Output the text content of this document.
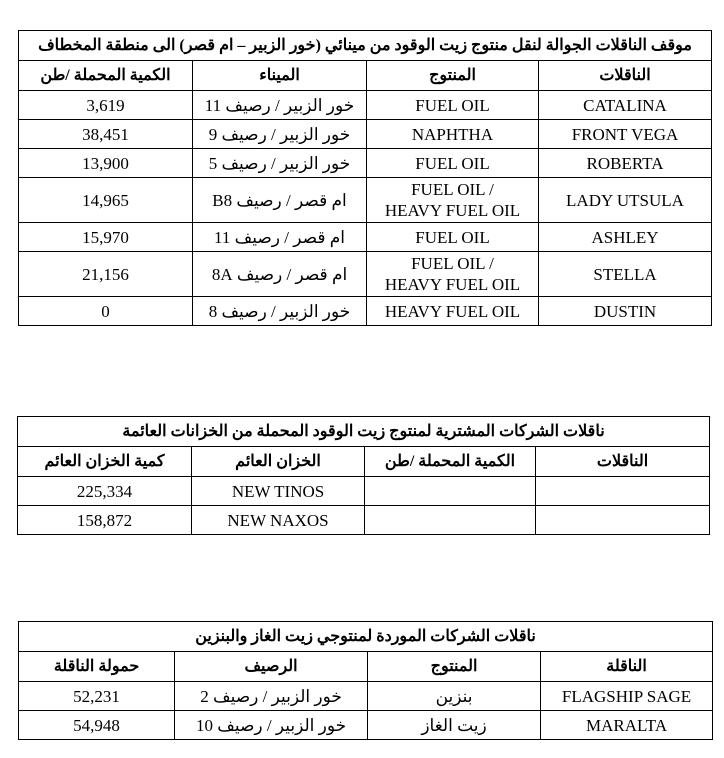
موقف الناقلات الجوالة لنقل منتوج زيت الوقود من مينائي (خور الزبير – ام قصر) الى منطقة المخطاف			
الناقلات	المنتوج	الميناء	الكمية المحملة /طن
CATALINA	FUEL OIL	خور الزبير / رصيف 11	3,619
FRONT VEGA	NAPHTHA	خور الزبير / رصيف 9	38,451
ROBERTA	FUEL OIL	خور الزبير / رصيف 5	13,900
LADY UTSULA	FUEL OIL /
HEAVY FUEL OIL	ام قصر / رصيف B8	14,965
ASHLEY	FUEL OIL	ام قصر / رصيف 11	15,970
STELLA	FUEL OIL /
HEAVY FUEL OIL	ام قصر / رصيف 8A	21,156
DUSTIN	HEAVY FUEL OIL	خور الزبير / رصيف 8	0
ناقلات الشركات المشترية لمنتوج زيت الوقود المحملة من الخزانات العائمة			
الناقلات	الكمية المحملة /طن	الخزان العائم	كمية الخزان العائم
		NEW TINOS	225,334
		NEW NAXOS	158,872
ناقلات الشركات الموردة لمنتوجي زيت الغاز والبنزين			
الناقلة	المنتوج	الرصيف	حمولة الناقلة
FLAGSHIP SAGE	بنزين	خور الزبير / رصيف 2	52,231
MARALTA	زيت الغاز	خور الزبير / رصيف 10	54,948
